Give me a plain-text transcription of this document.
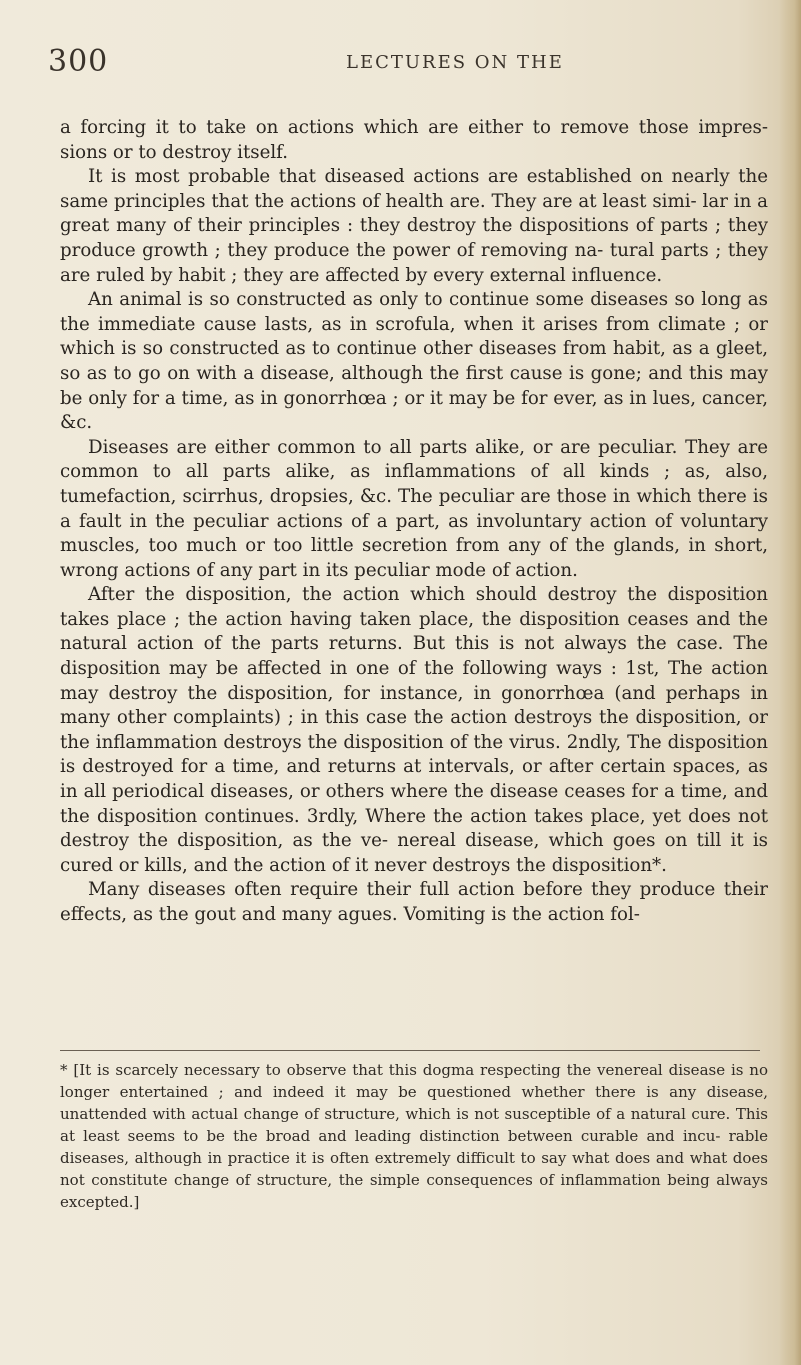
300	LECTURES ON THE

a forcing it to take on actions which are either to remove those impres- sions or to destroy itself.

It is most probable that diseased actions are established on nearly the same principles that the actions of health are. They are at least simi- lar in a great many of their principles : they destroy the dispositions of parts ; they produce growth ; they produce the power of removing na- tural parts ; they are ruled by habit ; they are affected by every external influence.

An animal is so constructed as only to continue some diseases so long as the immediate cause lasts, as in scrofula, when it arises from climate ; or which is so constructed as to continue other diseases from habit, as a gleet, so as to go on with a disease, although the first cause is gone; and this may be only for a time, as in gonorrhœa ; or it may be for ever, as in lues, cancer, &c.

Diseases are either common to all parts alike, or are peculiar. They are common to all parts alike, as inflammations of all kinds ; as, also, tumefaction, scirrhus, dropsies, &c. The peculiar are those in which there is a fault in the peculiar actions of a part, as involuntary action of voluntary muscles, too much or too little secretion from any of the glands, in short, wrong actions of any part in its peculiar mode of action.

After the disposition, the action which should destroy the disposition takes place ; the action having taken place, the disposition ceases and the natural action of the parts returns. But this is not always the case. The disposition may be affected in one of the following ways : 1st, The action may destroy the disposition, for instance, in gonorrhœa (and perhaps in many other complaints) ; in this case the action destroys the disposition, or the inflammation destroys the disposition of the virus. 2ndly, The disposition is destroyed for a time, and returns at intervals, or after certain spaces, as in all periodical diseases, or others where the disease ceases for a time, and the disposition continues. 3rdly, Where the action takes place, yet does not destroy the disposition, as the ve- nereal disease, which goes on till it is cured or kills, and the action of it never destroys the disposition*.

Many diseases often require their full action before they produce their effects, as the gout and many agues. Vomiting is the action fol-

* [It is scarcely necessary to observe that this dogma respecting the venereal disease is no longer entertained ; and indeed it may be questioned whether there is any disease, unattended with actual change of structure, which is not susceptible of a natural cure. This at least seems to be the broad and leading distinction between curable and incu- rable diseases, although in practice it is often extremely difficult to say what does and what does not constitute change of structure, the simple consequences of inflammation being always excepted.]
